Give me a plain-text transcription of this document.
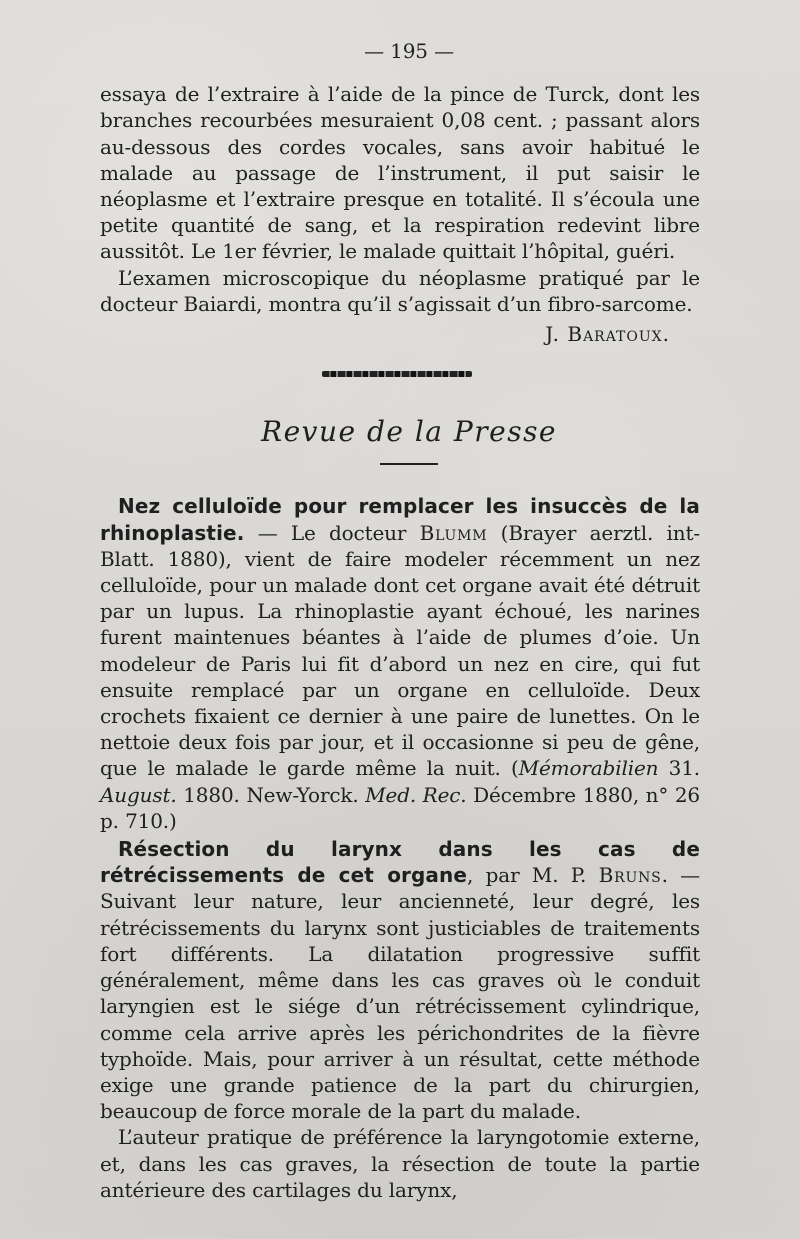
— 195 —

essaya de l’extraire à l’aide de la pince de Turck, dont les branches recourbées mesuraient 0,08 cent. ; passant alors au-dessous des cordes vocales, sans avoir habitué le malade au passage de l’instrument, il put saisir le néoplasme et l’extraire presque en totalité. Il s’écoula une petite quantité de sang, et la respiration redevint libre aussitôt. Le 1er février, le malade quittait l’hôpital, guéri.

L’examen microscopique du néoplasme pratiqué par le docteur Baiardi, montra qu’il s’agissait d’un fibro-sarcome.

J. Baratoux.
Revue de la Presse

Nez celluloïde pour remplacer les insuccès de la rhinoplastie. — Le docteur Blumm (Brayer aerztl. int-Blatt. 1880), vient de faire modeler récemment un nez celluloïde, pour un malade dont cet organe avait été détruit par un lupus. La rhinoplastie ayant échoué, les narines furent maintenues béantes à l’aide de plumes d’oie. Un modeleur de Paris lui fit d’abord un nez en cire, qui fut ensuite remplacé par un organe en celluloïde. Deux crochets fixaient ce dernier à une paire de lunettes. On le nettoie deux fois par jour, et il occasionne si peu de gêne, que le malade le garde même la nuit. (Mémorabilien 31. August. 1880. New-Yorck. Med. Rec. Décembre 1880, n° 26 p. 710.)

Résection du larynx dans les cas de rétrécissements de cet organe, par M. P. Bruns. — Suivant leur nature, leur ancienneté, leur degré, les rétrécissements du larynx sont justiciables de traitements fort différents. La dilatation progressive suffit généralement, même dans les cas graves où le conduit laryngien est le siége d’un rétrécissement cylindrique, comme cela arrive après les périchondrites de la fièvre typhoïde. Mais, pour arriver à un résultat, cette méthode exige une grande patience de la part du chirurgien, beaucoup de force morale de la part du malade.

L’auteur pratique de préférence la laryngotomie externe, et, dans les cas graves, la résection de toute la partie antérieure des cartilages du larynx,
